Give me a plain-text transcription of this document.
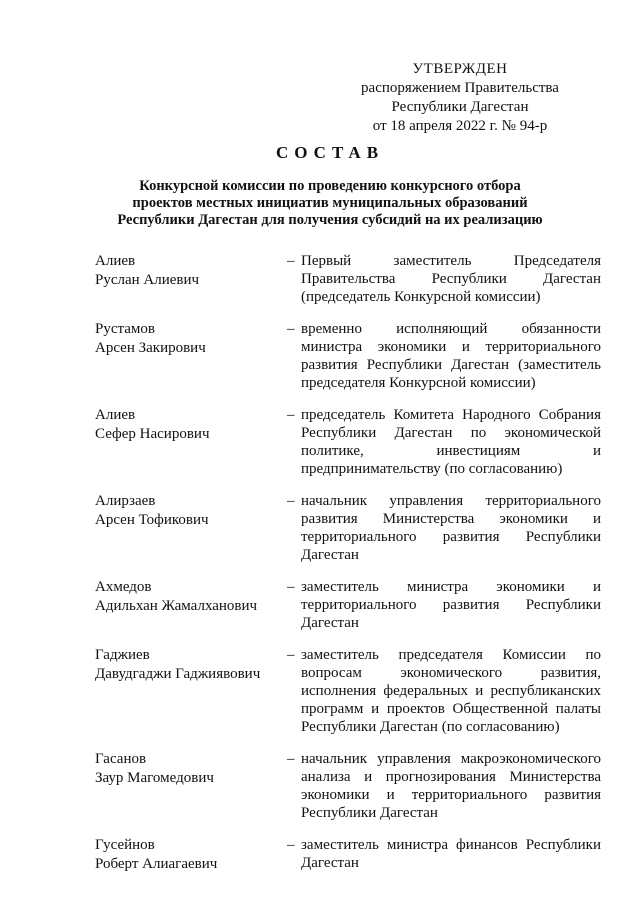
УТВЕРЖДЕН
распоряжением Правительства
Республики Дагестан
от 18 апреля 2022 г. № 94-р
СОСТАВ
Конкурсной комиссии по проведению конкурсного отбора
проектов местных инициатив муниципальных образований
Республики Дагестан для получения субсидий на их реализацию
Алиев
Руслан Алиевич
– Первый заместитель Председателя Правительства Республики Дагестан (председатель Конкурсной комиссии)
Рустамов
Арсен Закирович
– временно исполняющий обязанности министра экономики и территориального развития Республики Дагестан (заместитель председателя Конкурсной комиссии)
Алиев
Сефер Насирович
– председатель Комитета Народного Собрания Республики Дагестан по экономической политике, инвестициям и предпринимательству (по согласованию)
Алирзаев
Арсен Тофикович
– начальник управления территориального развития Министерства экономики и территориального развития Республики Дагестан
Ахмедов
Адильхан Жамалханович
– заместитель министра экономики и территориального развития Республики Дагестан
Гаджиев
Давудгаджи Гаджиявович
– заместитель председателя Комиссии по вопросам экономического развития, исполнения федеральных и республиканских программ и проектов Общественной палаты Республики Дагестан (по согласованию)
Гасанов
Заур Магомедович
– начальник управления макроэкономического анализа и прогнозирования Министерства экономики и территориального развития Республики Дагестан
Гусейнов
Роберт Алиагаевич
– заместитель министра финансов Республики Дагестан
